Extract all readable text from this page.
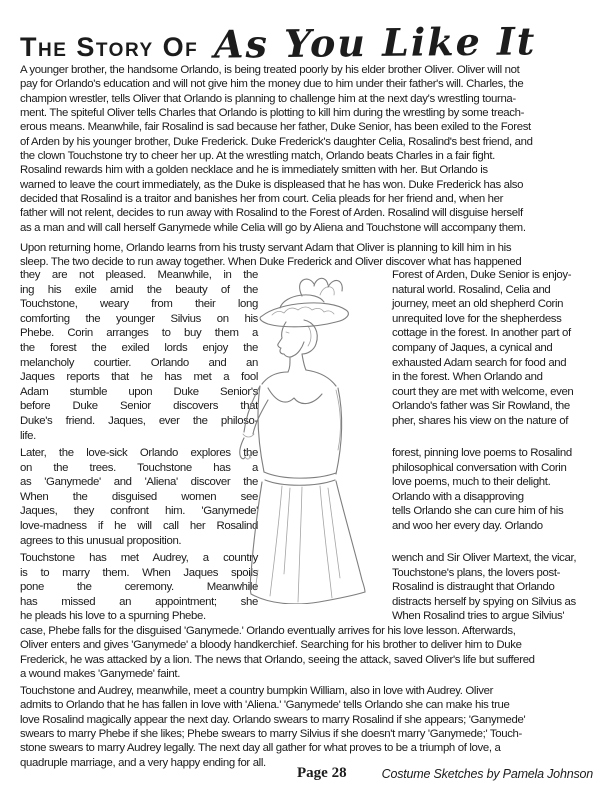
The Story Of As You Like It
A younger brother, the handsome Orlando, is being treated poorly by his elder brother Oliver. Oliver will not
pay for Orlando's education and will not give him the money due to him under their father's will. Charles, the
champion wrestler, tells Oliver that Orlando is planning to challenge him at the next day's wrestling tourna-
ment. The spiteful Oliver tells Charles that Orlando is plotting to kill him during the wrestling by some treach-
erous means. Meanwhile, fair Rosalind is sad because her father, Duke Senior, has been exiled to the Forest
of Arden by his younger brother, Duke Frederick. Duke Frederick's daughter Celia, Rosalind's best friend, and
the clown Touchstone try to cheer her up. At the wrestling match, Orlando beats Charles in a fair fight.
Rosalind rewards him with a golden necklace and he is immediately smitten with her. But Orlando is
warned to leave the court immediately, as the Duke is displeased that he has won. Duke Frederick has also
decided that Rosalind is a traitor and banishes her from court. Celia pleads for her friend and, when her
father will not relent, decides to run away with Rosalind to the Forest of Arden. Rosalind will disguise herself
as a man and will call herself Ganymede while Celia will go by Aliena and Touchstone will accompany them.
Upon returning home, Orlando learns from his trusty servant Adam that Oliver is planning to kill him in his
sleep. The two decide to run away together. When Duke Frederick and Oliver discover what has happened
they are not pleased. Meanwhile, in the
ing his exile amid the beauty of the
Touchstone, weary from their long
comforting the younger Silvius on his
Phebe. Corin arranges to buy them a
the forest the exiled lords enjoy the
melancholy courtier. Orlando and an
Jaques reports that he has met a fool
Adam stumble upon Duke Senior's
before Duke Senior discovers that
Duke's friend. Jaques, ever the philoso-
life.
Forest of Arden, Duke Senior is enjoy-
natural world. Rosalind, Celia and
journey, meet an old shepherd Corin
unrequited love for the shepherdess
cottage in the forest. In another part of
company of Jaques, a cynical and
exhausted Adam search for food and
in the forest. When Orlando and
court they are met with welcome, even
Orlando's father was Sir Rowland, the
pher, shares his view on the nature of
Later, the love-sick Orlando explores the
on the trees. Touchstone has a
as 'Ganymede' and 'Aliena' discover the
When the disguised women see
Jaques, they confront him. 'Ganymede'
love-madness if he will call her Rosalind
agrees to this unusual proposition.
forest, pinning love poems to Rosalind
philosophical conversation with Corin
love poems, much to their delight.
Orlando with a disapproving
tells Orlando she can cure him of his
and woo her every day. Orlando
Touchstone has met Audrey, a country
is to marry them. When Jaques spoils
pone the ceremony. Meanwhile
has missed an appointment; she
he pleads his love to a spurning Phebe.
wench and Sir Oliver Martext, the vicar,
Touchstone's plans, the lovers post-
Rosalind is distraught that Orlando
distracts herself by spying on Silvius as
When Rosalind tries to argue Silvius'
case, Phebe falls for the disguised 'Ganymede.' Orlando eventually arrives for his love lesson. Afterwards,
Oliver enters and gives 'Ganymede' a bloody handkerchief. Searching for his brother to deliver him to Duke
Frederick, he was attacked by a lion. The news that Orlando, seeing the attack, saved Oliver's life but suffered
a wound makes 'Ganymede' faint.
Touchstone and Audrey, meanwhile, meet a country bumpkin William, also in love with Audrey. Oliver
admits to Orlando that he has fallen in love with 'Aliena.' 'Ganymede' tells Orlando she can make his true
love Rosalind magically appear the next day. Orlando swears to marry Rosalind if she appears; 'Ganymede'
swears to marry Phebe if she likes; Phebe swears to marry Silvius if she doesn't marry 'Ganymede;' Touch-
stone swears to marry Audrey legally. The next day all gather for what proves to be a triumph of love, a
quadruple marriage, and a very happy ending for all.
Page 28	Costume Sketches by Pamela Johnson
